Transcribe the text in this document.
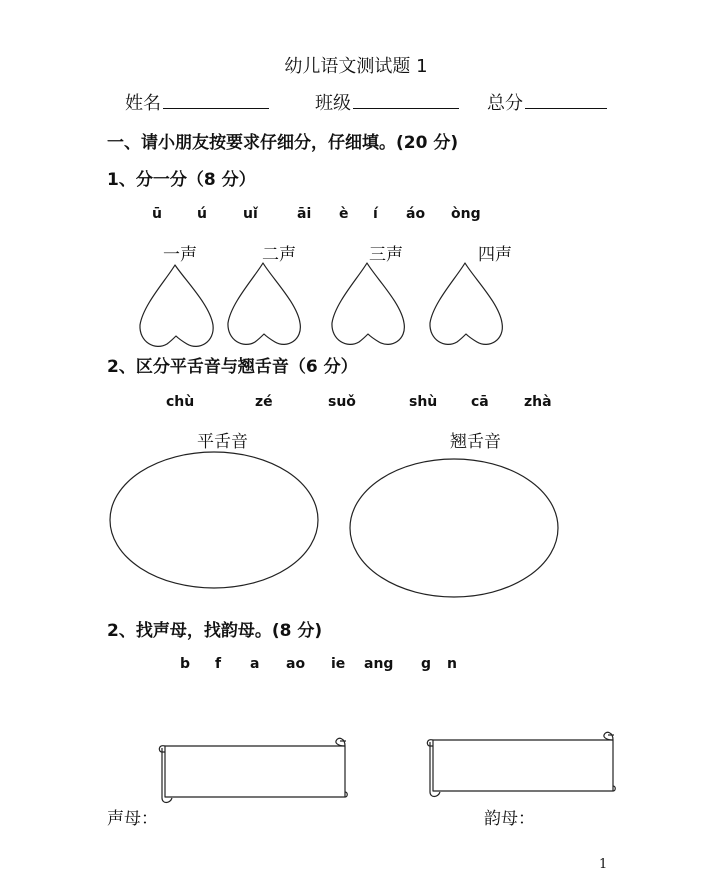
幼儿语文测试题 1
姓名	班级	总分
一、请小朋友按要求仔细分，仔细填。(20 分)
1、分一分（8 分）
ū	ú	uǐ	āi è í áo òng
一声	二声	三声	四声
2、区分平舌音与翘舌音（6 分）
chù	zé	suǒ	shù cā	zhà
平舌音	翘舌音
2、找声母，找韵母。(8 分)
b f a ao ie ang g n
声母：	韵母：
1
